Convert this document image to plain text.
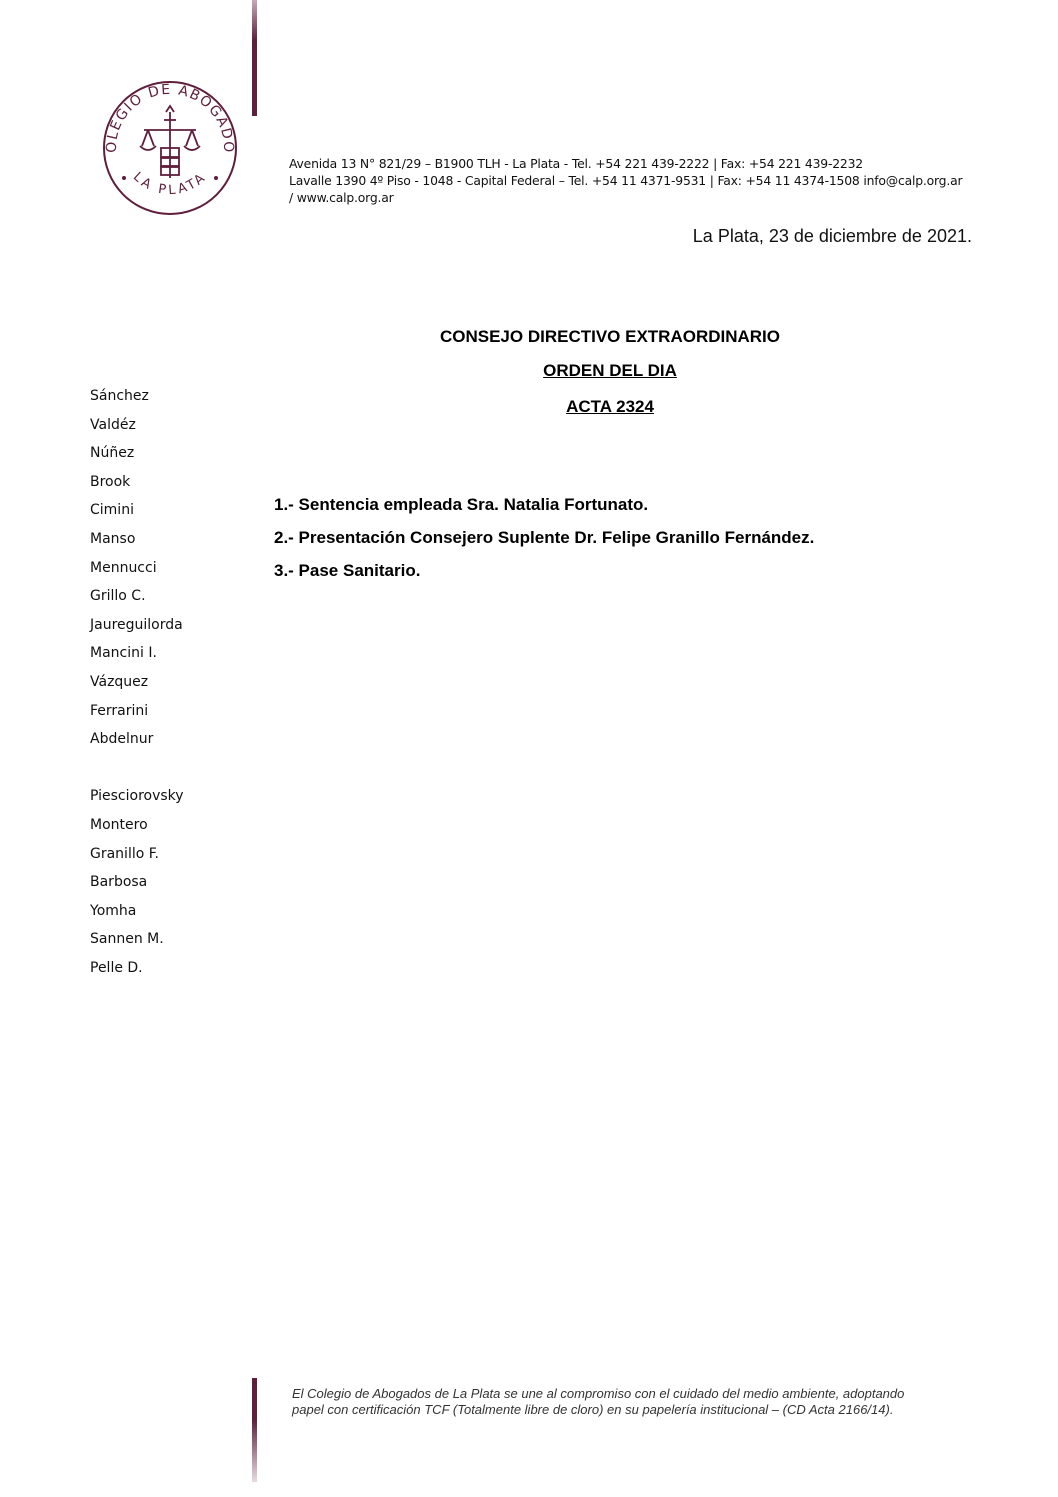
OLEGIO DE ABOGADO
LA PLATA
Avenida 13 N° 821/29 – B1900 TLH - La Plata - Tel. +54 221 439-2222 | Fax: +54 221 439-2232
Lavalle 1390 4º Piso - 1048 - Capital Federal – Tel. +54 11 4371-9531 | Fax: +54 11 4374-1508 info@calp.org.ar
/ www.calp.org.ar
La Plata, 23 de diciembre de 2021.
CONSEJO DIRECTIVO EXTRAORDINARIO
ORDEN DEL DIA
ACTA 2324
Sánchez
Valdéz
Núñez
Brook
Cimini
Manso
Mennucci
Grillo C.
Jaureguilorda
Mancini I.
Vázquez
Ferrarini
Abdelnur
Piesciorovsky
Montero
Granillo F.
Barbosa
Yomha
Sannen M.
Pelle D.
1.- Sentencia empleada Sra. Natalia Fortunato.
2.- Presentación Consejero Suplente Dr. Felipe Granillo Fernández.
3.- Pase Sanitario.
El Colegio de Abogados de La Plata se une al compromiso con el cuidado del medio ambiente, adoptando
papel con certificación TCF (Totalmente libre de cloro) en su papelería institucional – (CD Acta 2166/14).
